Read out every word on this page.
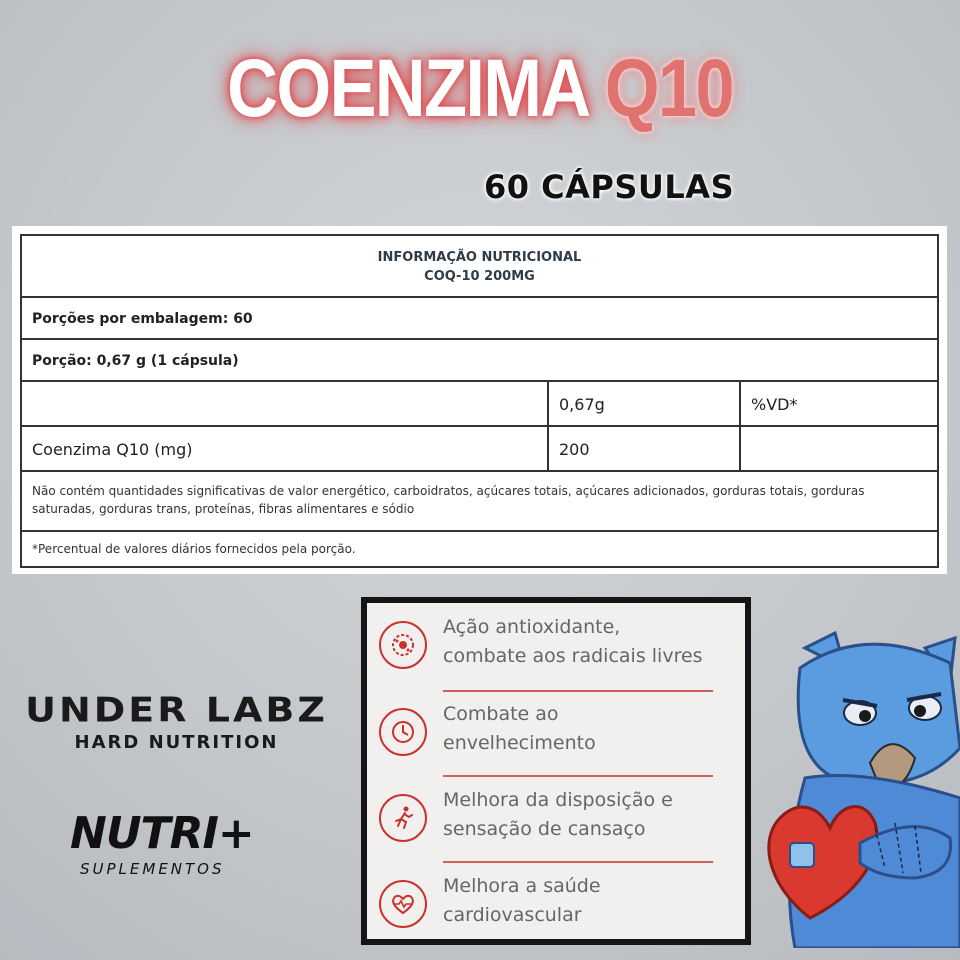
COENZIMA Q10
60 CÁPSULAS
INFORMAÇÃO NUTRICIONAL
COQ-10 200MG
Porções por embalagem: 60
Porção: 0,67 g (1 cápsula)
0,67g	%VD*
Coenzima Q10 (mg)	200
Não contém quantidades significativas de valor energético, carboidratos, açúcares totais, açúcares adicionados, gorduras totais, gorduras saturadas, gorduras trans, proteínas, fibras alimentares e sódio
*Percentual de valores diários fornecidos pela porção.
Ação antioxidante,
combate aos radicais livres
Combate ao
envelhecimento
Melhora da disposição e
sensação de cansaço
Melhora a saúde
cardiovascular
UNDER LABZ
HARD NUTRITION
NUTRI+
SUPLEMENTOS
